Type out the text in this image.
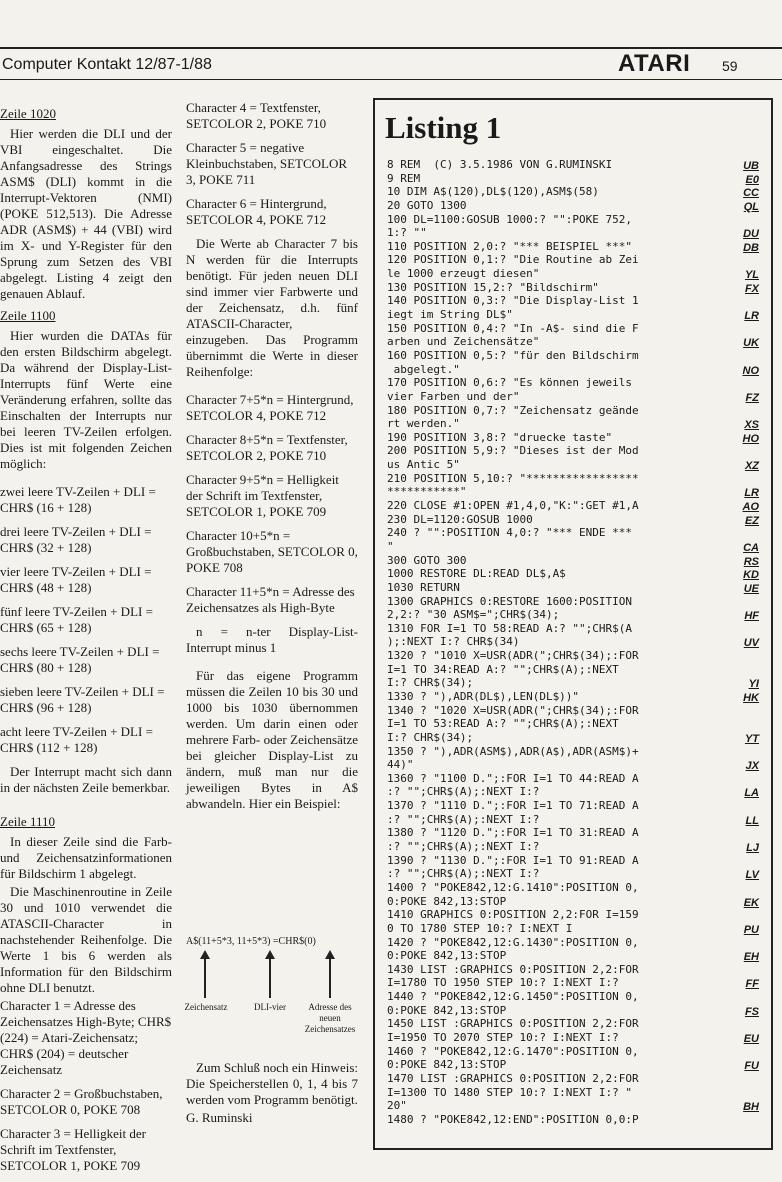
Computer Kontakt 12/87-1/88	ATARI 59

Zeile 1020

Hier werden die DLI und der VBI eingeschaltet. Die Anfangsadresse des Strings ASM$ (DLI) kommt in die Interrupt-Vektoren (NMI) (POKE 512,513). Die Adresse ADR (ASM$) + 44 (VBI) wird im X- und Y-Register für den Sprung zum Setzen des VBI abgelegt. Listing 4 zeigt den genauen Ablauf.

Zeile 1100

Hier wurden die DATAs für den ersten Bildschirm abgelegt. Da während der Display-List-Interrupts fünf Werte eine Veränderung erfahren, sollte das Einschalten der Interrupts nur bei leeren TV-Zeilen erfolgen. Dies ist mit folgenden Zeichen möglich:

zwei leere TV-Zeilen + DLI = CHR$ (16 + 128)

drei leere TV-Zeilen + DLI = CHR$ (32 + 128)

vier leere TV-Zeilen + DLI = CHR$ (48 + 128)

fünf leere TV-Zeilen + DLI = CHR$ (65 + 128)

sechs leere TV-Zeilen + DLI = CHR$ (80 + 128)

sieben leere TV-Zeilen + DLI = CHR$ (96 + 128)

acht leere TV-Zeilen + DLI = CHR$ (112 + 128)

Der Interrupt macht sich dann in der nächsten Zeile bemerkbar.

Zeile 1110

In dieser Zeile sind die Farb- und Zeichensatzinformationen für Bildschirm 1 abgelegt.

Die Maschinenroutine in Zeile 30 und 1010 verwendet die ATASCII-Character in nachstehender Reihenfolge. Die Werte 1 bis 6 werden als Information für den Bildschirm ohne DLI benutzt.

Character 1 = Adresse des Zeichensatzes High-Byte; CHR$ (224) = Atari-Zeichensatz; CHR$ (204) = deutscher Zeichensatz

Character 2 = Großbuchstaben, SETCOLOR 0, POKE 708

Character 3 = Helligkeit der Schrift im Textfenster, SETCOLOR 1, POKE 709

Character 4 = Textfenster, SETCOLOR 2, POKE 710

Character 5 = negative Kleinbuchstaben, SETCOLOR 3, POKE 711

Character 6 = Hintergrund, SETCOLOR 4, POKE 712

Die Werte ab Character 7 bis N werden für die Interrupts benötigt. Für jeden neuen DLI sind immer vier Farbwerte und der Zeichensatz, d.h. fünf ATASCII-Character, einzugeben. Das Programm übernimmt die Werte in dieser Reihenfolge:

Character 7+5*n = Hintergrund, SETCOLOR 4, POKE 712

Character 8+5*n = Textfenster, SETCOLOR 2, POKE 710

Character 9+5*n = Helligkeit der Schrift im Textfenster, SETCOLOR 1, POKE 709

Character 10+5*n = Großbuchstaben, SETCOLOR 0, POKE 708

Character 11+5*n = Adresse des Zeichensatzes als High-Byte

n = n-ter Display-List-Interrupt minus 1

Für das eigene Programm müssen die Zeilen 10 bis 30 und 1000 bis 1030 übernommen werden. Um darin einen oder mehrere Farb- oder Zeichensätze bei gleicher Display-List zu ändern, muß man nur die jeweiligen Bytes in A$ abwandeln. Hier ein Beispiel:

A$(11+5*3, 11+5*3) =CHR$(0)
Zeichensatz	DLI-vier	Adresse des neuen Zeichensatzes

Zum Schluß noch ein Hinweis: Die Speicherstellen 0, 1, 4 bis 7 werden vom Programm benötigt.

G. Ruminski

Listing 1
8 REM  (C) 3.5.1986 VON G.RUMINSKI	UB
9 REM	E0
10 DIM A$(120),DL$(120),ASM$(58)	CC
20 GOTO 1300	QL
100 DL=1100:GOSUB 1000:? "":POKE 752,
1:? ""	DU
110 POSITION 2,0:? "*** BEISPIEL ***"	DB
120 POSITION 0,1:? "Die Routine ab Zei
le 1000 erzeugt diesen"	YL
130 POSITION 15,2:? "Bildschirm"	FX
140 POSITION 0,3:? "Die Display-List 1
iegt im String DL$"	LR
150 POSITION 0,4:? "In -A$- sind die F
arben und Zeichensätze"	UK
160 POSITION 0,5:? "für den Bildschirm
abgelegt."	NO
170 POSITION 0,6:? "Es können jeweils
vier Farben und der"	FZ
180 POSITION 0,7:? "Zeichensatz geände
rt werden."	XS
190 POSITION 3,8:? "druecke taste"	HO
200 POSITION 5,9:? "Dieses ist der Mod
us Antic 5"	XZ
210 POSITION 5,10:? "*****************
***********"	LR
220 CLOSE #1:OPEN #1,4,0,"K:":GET #1,A	AO
230 DL=1120:GOSUB 1000	EZ
240 ? "":POSITION 4,0:? "*** ENDE ***
"	CA
300 GOTO 300	RS
1000 RESTORE DL:READ DL$,A$	KD
1030 RETURN	UE
1300 GRAPHICS 0:RESTORE 1600:POSITION
2,2:? "30 ASM$=";CHR$(34);	HF
1310 FOR I=1 TO 58:READ A:? "";CHR$(A
);:NEXT I:? CHR$(34)	UV
1320 ? "1010 X=USR(ADR(";CHR$(34);:FOR
I=1 TO 34:READ A:? "";CHR$(A);:NEXT
I:? CHR$(34);	YI
1330 ? "),ADR(DL$),LEN(DL$))"	HK
1340 ? "1020 X=USR(ADR(";CHR$(34);:FOR
I=1 TO 53:READ A:? "";CHR$(A);:NEXT
I:? CHR$(34);	YT
1350 ? "),ADR(ASM$),ADR(A$),ADR(ASM$)+
44)"	JX
1360 ? "1100 D.";:FOR I=1 TO 44:READ A
:? "";CHR$(A);:NEXT I:?	LA
1370 ? "1110 D.";:FOR I=1 TO 71:READ A
:? "";CHR$(A);:NEXT I:?	LL
1380 ? "1120 D.";:FOR I=1 TO 31:READ A
:? "";CHR$(A);:NEXT I:?	LJ
1390 ? "1130 D.";:FOR I=1 TO 91:READ A
:? "";CHR$(A);:NEXT I:?	LV
1400 ? "POKE842,12:G.1410":POSITION 0,
0:POKE 842,13:STOP	EK
1410 GRAPHICS 0:POSITION 2,2:FOR I=159
0 TO 1780 STEP 10:? I:NEXT I	PU
1420 ? "POKE842,12:G.1430":POSITION 0,
0:POKE 842,13:STOP	EH
1430 LIST :GRAPHICS 0:POSITION 2,2:FOR
I=1780 TO 1950 STEP 10:? I:NEXT I:?	FF
1440 ? "POKE842,12:G.1450":POSITION 0,
0:POKE 842,13:STOP	FS
1450 LIST :GRAPHICS 0:POSITION 2,2:FOR
I=1950 TO 2070 STEP 10:? I:NEXT I:?	EU
1460 ? "POKE842,12:G.1470":POSITION 0,
0:POKE 842,13:STOP	FU
1470 LIST :GRAPHICS 0:POSITION 2,2:FOR
I=1300 TO 1480 STEP 10:? I:NEXT I:? "
20"	BH
1480 ? "POKE842,12:END":POSITION 0,0:P
